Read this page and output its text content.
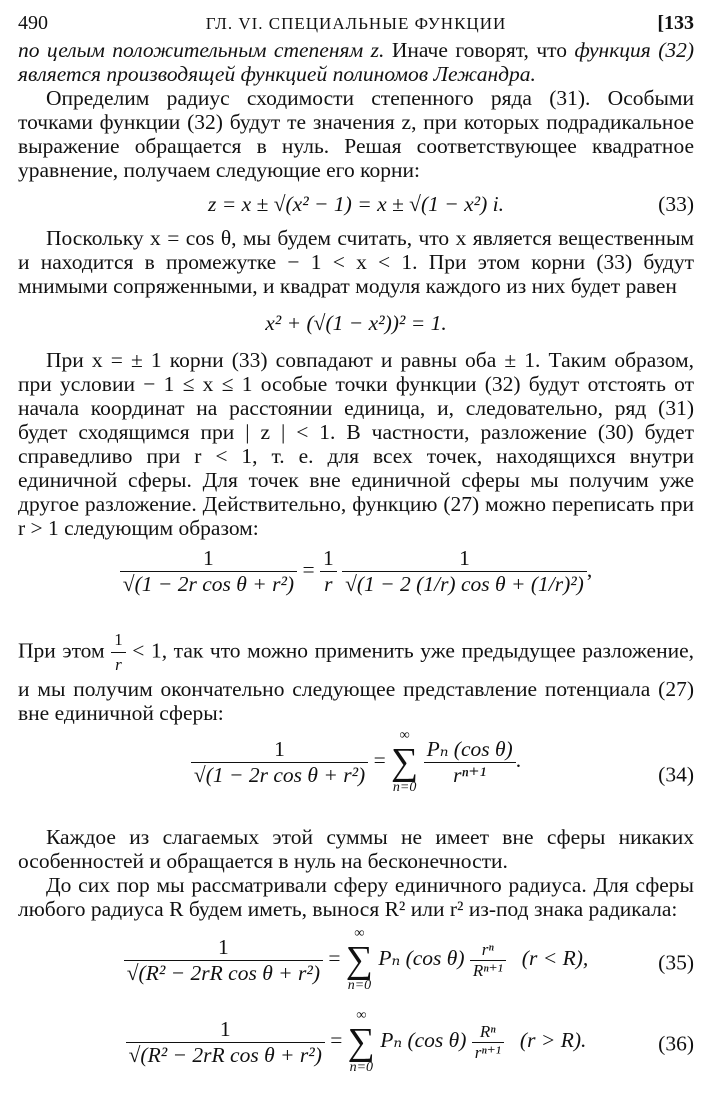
490	ГЛ. VI. СПЕЦИАЛЬНЫЕ ФУНКЦИИ	[133

по целым положительным степеням z. Иначе говорят, что функция (32) является производящей функцией полиномов Лежандра.

Определим радиус сходимости степенного ряда (31). Особыми точками функции (32) будут те значения z, при которых подрадикальное выражение обращается в нуль. Решая соответствующее квадратное уравнение, получаем следующие его корни:

z = x ± √(x² − 1) = x ± √(1 − x²) i.	(33)

Поскольку x = cos θ, мы будем считать, что x является вещественным и находится в промежутке − 1 < x < 1. При этом корни (33) будут мнимыми сопряженными, и квадрат модуля каждого из них будет равен

x² + (√(1 − x²))² = 1.

При x = ± 1 корни (33) совпадают и равны оба ± 1. Таким образом, при условии − 1 ≤ x ≤ 1 особые точки функции (32) будут отстоять от начала координат на расстоянии единица, и, следовательно, ряд (31) будет сходящимся при | z | < 1. В частности, разложение (30) будет справедливо при r < 1, т. е. для всех точек, находящихся внутри единичной сферы. Для точек вне единичной сферы мы получим уже другое разложение. Действительно, функцию (27) можно переписать при r > 1 следующим образом:

$\frac{1}{\text{√(1 − 2r cos θ + r²)}} = \frac{1}{r}$
$\frac{1}{\text{√(1 − 2 (1/r) cos θ + (1/r)²)}}$ ,

При этом $\frac{1}{r} < 1$, так что можно применить уже предыдущее разложение, и мы получим окончательно следующее представление потенциала (27) вне единичной сферы:

$\frac{1}{\text{√(1 − 2r cos θ + r²)}}$ =
∞
∑
n=0
$\frac{\text{Pₙ (cos θ)}}{\text{rⁿ⁺¹}}$ .
(34)

Каждое из слагаемых этой суммы не имеет вне сферы никаких особенностей и обращается в нуль на бесконечности.

До сих пор мы рассматривали сферу единичного радиуса. Для сферы любого радиуса R будем иметь, вынося R² или r² из-под знака радикала:

$\frac{1}{\text{√(R² − 2rR cos θ + r²)}}$ =
∞
∑
n=0
Pₙ (cos $\theta) \frac{\text{rⁿ}}{\text{Rⁿ⁺¹}} (r < R)$,	(35)
$\frac{1}{\text{√(R² − 2rR cos θ + r²)}}$ =
∞
∑
n=0
Pₙ (cos $\theta) \frac{\text{Rⁿ}}{\text{rⁿ⁺¹}} (r > R)$.	(36)
